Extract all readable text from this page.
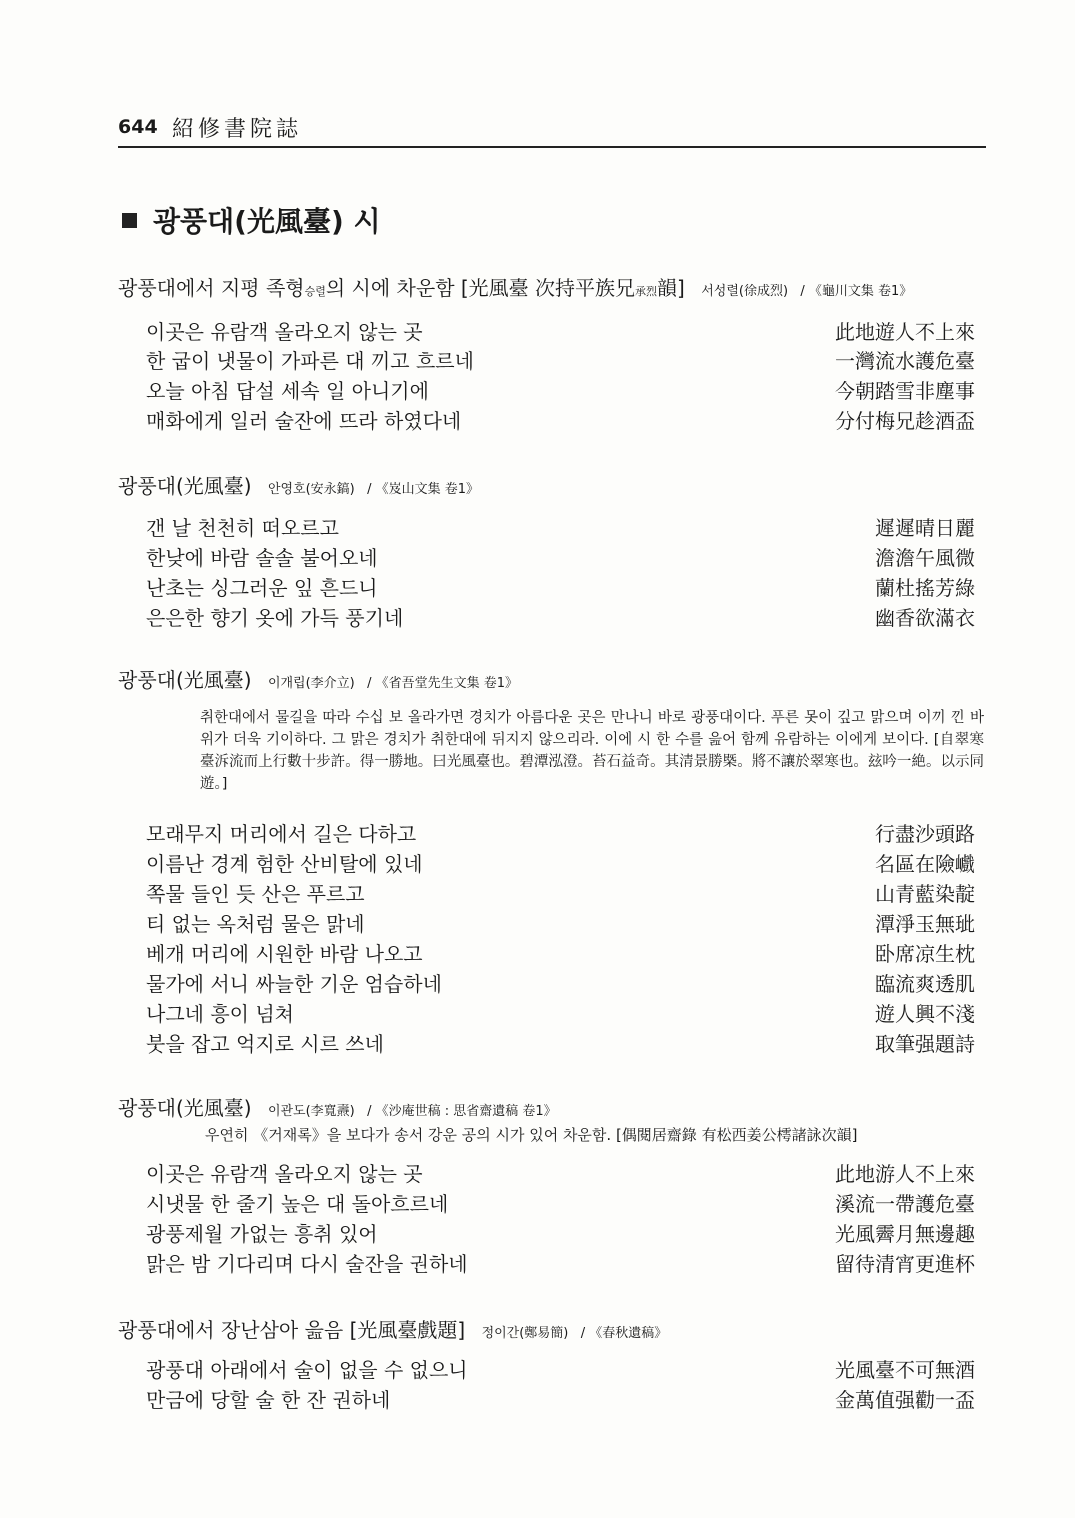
644 紹修書院誌
광풍대(光風臺) 시
광풍대에서 지평 족형승렬의 시에 차운함 [光風臺 次持平族兄承烈韻] 서성렬(徐成烈) / 《龜川文集 卷1》
이곳은 유람객 올라오지 않는 곳
한 굽이 냇물이 가파른 대 끼고 흐르네
오늘 아침 답설 세속 일 아니기에
매화에게 일러 술잔에 뜨라 하였다네
此地遊人不上來
一灣流水護危臺
今朝踏雪非塵事
分付梅兄趁酒盃
광풍대(光風臺) 안영호(安永鎬) / 《岌山文集 卷1》
갠 날 천천히 떠오르고
한낮에 바람 솔솔 불어오네
난초는 싱그러운 잎 흔드니
은은한 향기 옷에 가득 풍기네
遲遲晴日麗
澹澹午風微
蘭杜搖芳綠
幽香欲滿衣
광풍대(光風臺) 이개립(李介立) / 《省吾堂先生文集 卷1》
취한대에서 물길을 따라 수십 보 올라가면 경치가 아름다운 곳은 만나니 바로 광풍대이다. 푸른 못이 깊고 맑으며 이끼 낀 바위가 더욱 기이하다. 그 맑은 경치가 취한대에 뒤지지 않으리라. 이에 시 한 수를 읊어 함께 유람하는 이에게 보이다. [自翠寒臺泝流而上行數十步許。得一勝地。曰光風臺也。碧潭泓澄。苔石益奇。其清景勝槩。將不讓於翠寒也。玆吟一絶。以示同遊。]
모래무지 머리에서 길은 다하고
이름난 경계 험한 산비탈에 있네
쪽물 들인 듯 산은 푸르고
티 없는 옥처럼 물은 맑네
베개 머리에 시원한 바람 나오고
물가에 서니 싸늘한 기운 엄습하네
나그네 흥이 넘쳐
붓을 잡고 억지로 시르 쓰네
行盡沙頭路
名區在險巇
山青藍染靛
潭淨玉無玼
卧席凉生枕
臨流爽透肌
遊人興不淺
取筆强題詩
광풍대(光風臺) 이관도(李寬燾) / 《沙庵世稿 : 思省齋遺稿 卷1》
우연히 《거재록》을 보다가 송서 강운 공의 시가 있어 차운함. [偶閱居齋錄 有松西姜公樗諸詠次韻]
이곳은 유람객 올라오지 않는 곳
시냇물 한 줄기 높은 대 돌아흐르네
광풍제월 가없는 흥취 있어
맑은 밤 기다리며 다시 술잔을 권하네
此地游人不上來
溪流一帶護危臺
光風霽月無邊趣
留待清宵更進杯
광풍대에서 장난삼아 읊음 [光風臺戲題] 정이간(鄭易簡) / 《春秋遺稿》
광풍대 아래에서 술이 없을 수 없으니
만금에 당할 술 한 잔 권하네
光風臺不可無酒
金萬值强勸一盃
